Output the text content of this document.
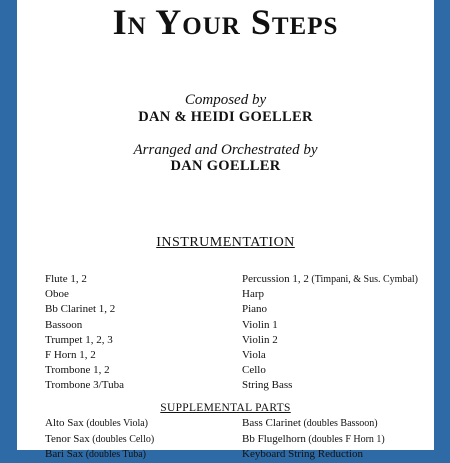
In Your Steps
Composed by
DAN & HEIDI GOELLER
Arranged and Orchestrated by
DAN GOELLER
INSTRUMENTATION
Flute 1, 2
Oboe
Bb Clarinet 1, 2
Bassoon
Trumpet 1, 2, 3
F Horn 1, 2
Trombone 1, 2
Trombone 3/Tuba
Percussion 1, 2 (Timpani, & Sus. Cymbal)
Harp
Piano
Violin 1
Violin 2
Viola
Cello
String Bass
SUPPLEMENTAL PARTS
Alto Sax (doubles Viola)
Tenor Sax (doubles Cello)
Bari Sax (doubles Tuba)
Bass Clarinet (doubles Bassoon)
Bb Flugelhorn (doubles F Horn 1)
Keyboard String Reduction
